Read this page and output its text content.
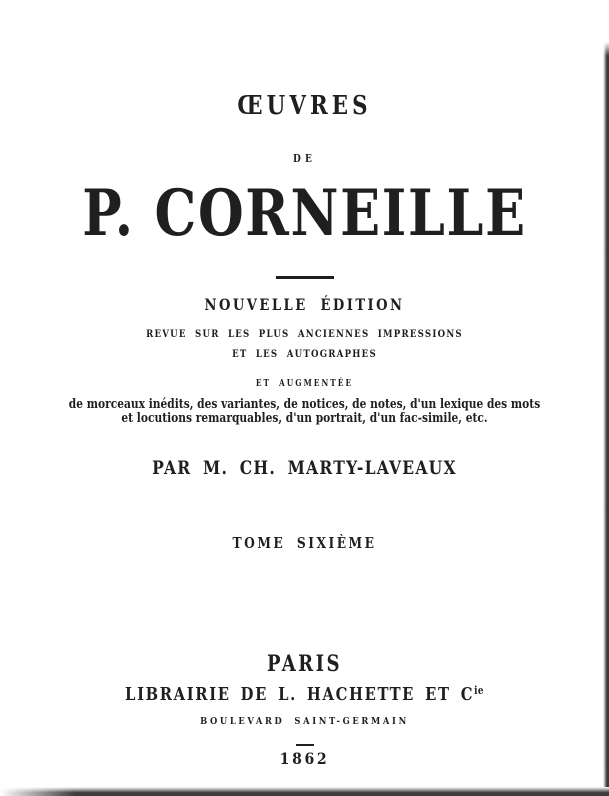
ŒUVRES
DE
P. CORNEILLE
NOUVELLE ÉDITION
REVUE SUR LES PLUS ANCIENNES IMPRESSIONS
ET LES AUTOGRAPHES
ET AUGMENTÉE
de morceaux inédits, des variantes, de notices, de notes, d'un lexique des mots
et locutions remarquables, d'un portrait, d'un fac-simile, etc.
PAR M. CH. MARTY-LAVEAUX
TOME SIXIÈME
PARIS
LIBRAIRIE DE L. HACHETTE ET $C^{ie}$
BOULEVARD SAINT-GERMAIN
1862
